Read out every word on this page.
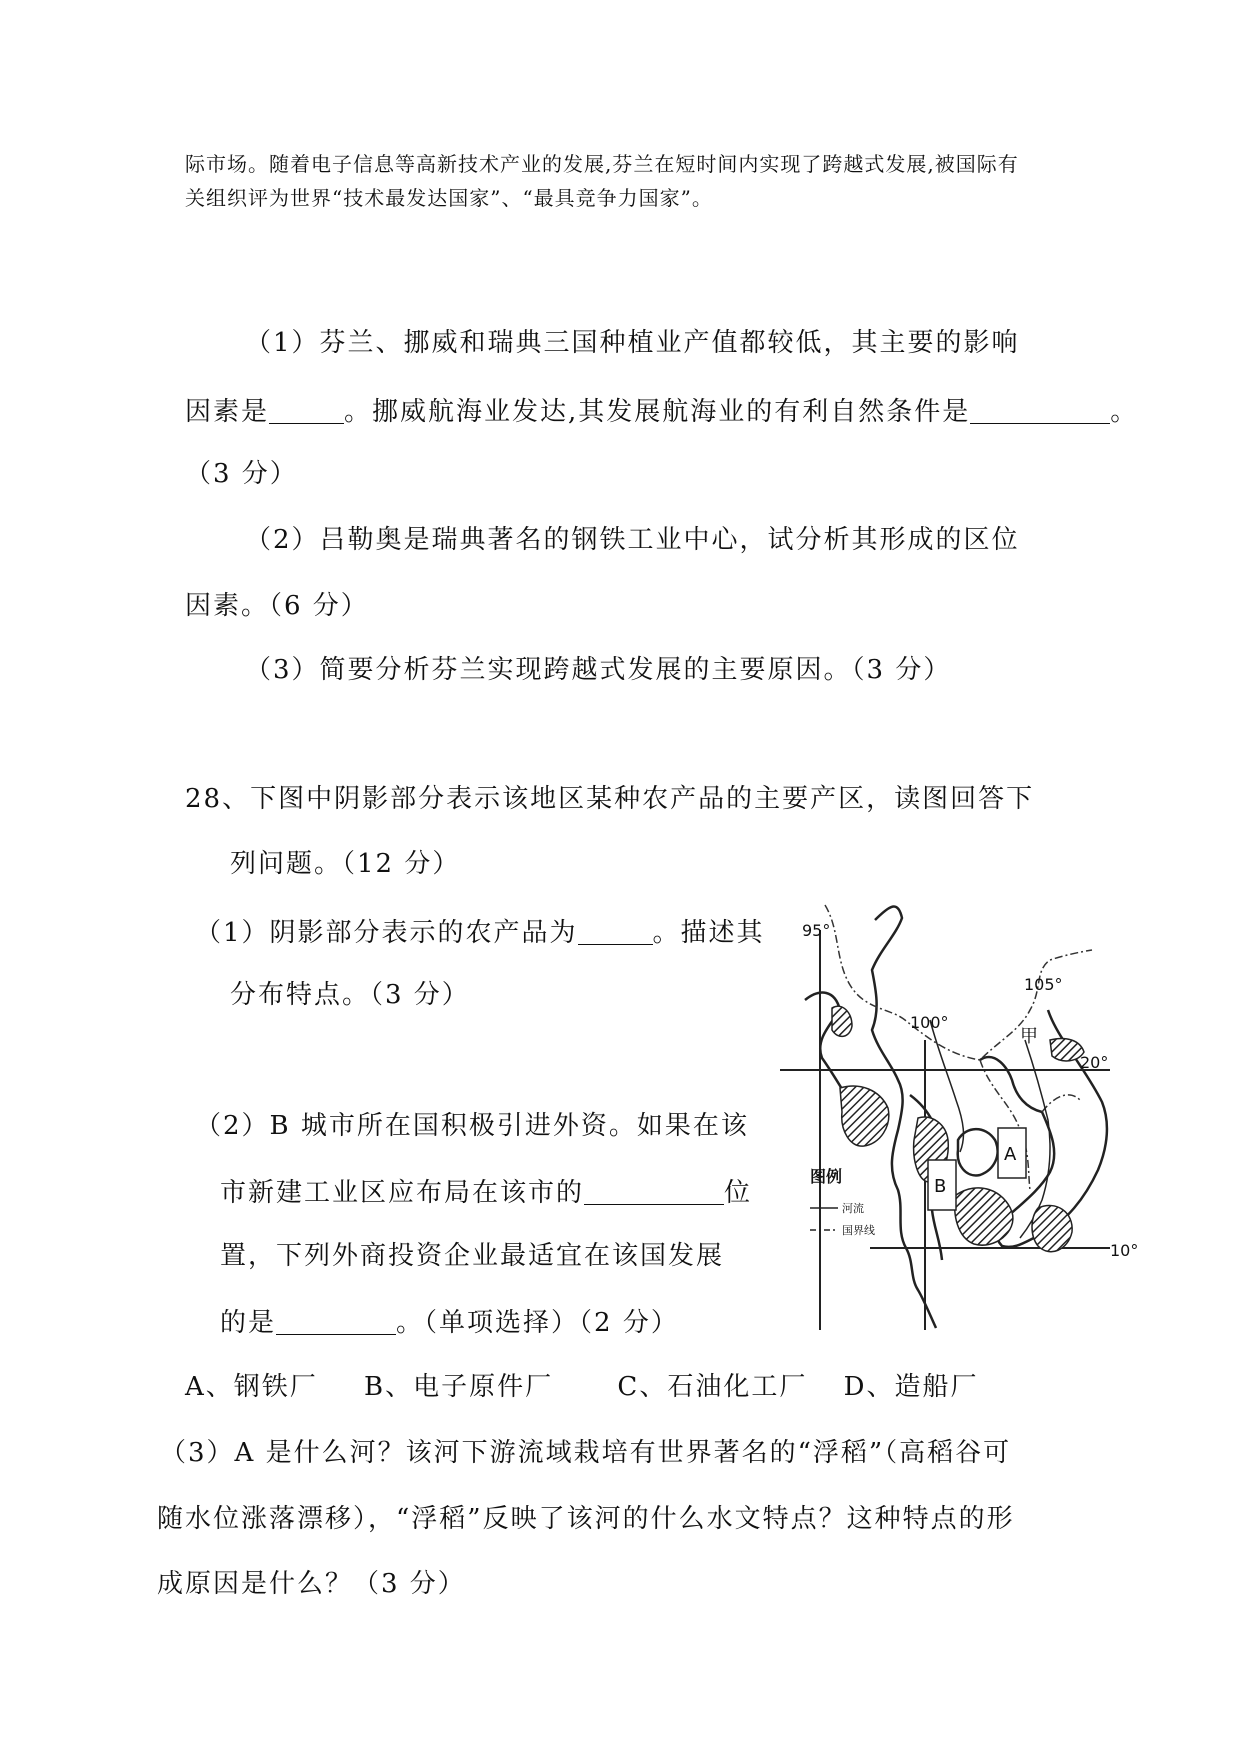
际市场。随着电子信息等高新技术产业的发展,芬兰在短时间内实现了跨越式发展,被国际有
关组织评为世界“技术最发达国家”、“最具竞争力国家”。
（1）芬兰、挪威和瑞典三国种植业产值都较低，其主要的影响
因素是	。挪威航海业发达,其发展航海业的有利自然条件是	。
（3 分）
（2）吕勒奥是瑞典著名的钢铁工业中心，试分析其形成的区位
因素。（6 分）
（3）简要分析芬兰实现跨越式发展的主要原因。（3 分）
28、下图中阴影部分表示该地区某种农产品的主要产区，读图回答下
列问题。（12 分）
（1）阴影部分表示的农产品为	。描述其
分布特点。（3 分）
（2）B 城市所在国积极引进外资。如果在该
市新建工业区应布局在该市的	位
置，下列外商投资企业最适宜在该国发展
的是	。（单项选择）（2 分）
A、钢铁厂 B、电子原件厂 C、石油化工厂 D、造船厂
（3）A 是什么河？该河下游流域栽培有世界著名的“浮稻”（高稻谷可
随水位涨落漂移），“浮稻”反映了该河的什么水文特点？这种特点的形
成原因是什么？（3 分）
95°
100°
105°
20°
10°
甲
A
B
图例
河流
国界线
